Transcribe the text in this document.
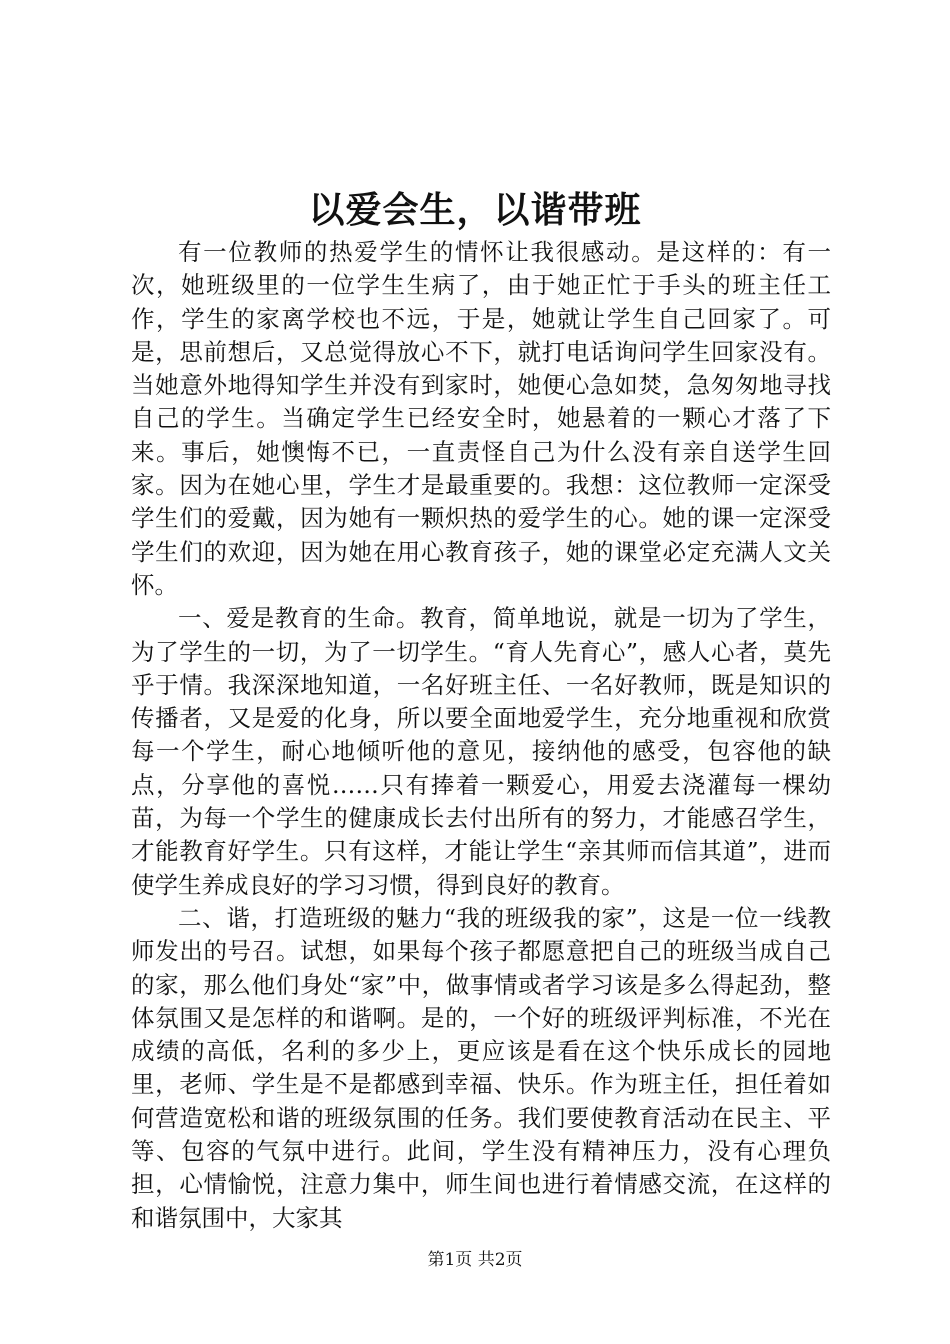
以爱会生，以谐带班

有一位教师的热爱学生的情怀让我很感动。是这样的：有一次，她班级里的一位学生生病了，由于她正忙于手头的班主任工作，学生的家离学校也不远，于是，她就让学生自己回家了。可是，思前想后，又总觉得放心不下，就打电话询问学生回家没有。当她意外地得知学生并没有到家时，她便心急如焚，急匆匆地寻找自己的学生。当确定学生已经安全时，她悬着的一颗心才落了下来。事后，她懊悔不已，一直责怪自己为什么没有亲自送学生回家。因为在她心里，学生才是最重要的。我想：这位教师一定深受学生们的爱戴，因为她有一颗炽热的爱学生的心。她的课一定深受学生们的欢迎，因为她在用心教育孩子，她的课堂必定充满人文关怀。

一、爱是教育的生命。教育，简单地说，就是一切为了学生，为了学生的一切，为了一切学生。“育人先育心”，感人心者，莫先乎于情。我深深地知道，一名好班主任、一名好教师，既是知识的传播者，又是爱的化身，所以要全面地爱学生，充分地重视和欣赏每一个学生，耐心地倾听他的意见，接纳他的感受，包容他的缺点，分享他的喜悦……只有捧着一颗爱心，用爱去浇灌每一棵幼苗，为每一个学生的健康成长去付出所有的努力，才能感召学生，才能教育好学生。只有这样，才能让学生“亲其师而信其道”，进而使学生养成良好的学习习惯，得到良好的教育。

二、谐，打造班级的魅力“我的班级我的家”，这是一位一线教师发出的号召。试想，如果每个孩子都愿意把自己的班级当成自己的家，那么他们身处“家”中，做事情或者学习该是多么得起劲，整体氛围又是怎样的和谐啊。是的，一个好的班级评判标准，不光在成绩的高低，名利的多少上，更应该是看在这个快乐成长的园地里，老师、学生是不是都感到幸福、快乐。作为班主任，担任着如何营造宽松和谐的班级氛围的任务。我们要使教育活动在民主、平等、包容的气氛中进行。此间，学生没有精神压力，没有心理负担，心情愉悦，注意力集中，师生间也进行着情感交流，在这样的和谐氛围中，大家其

第1页 共2页
